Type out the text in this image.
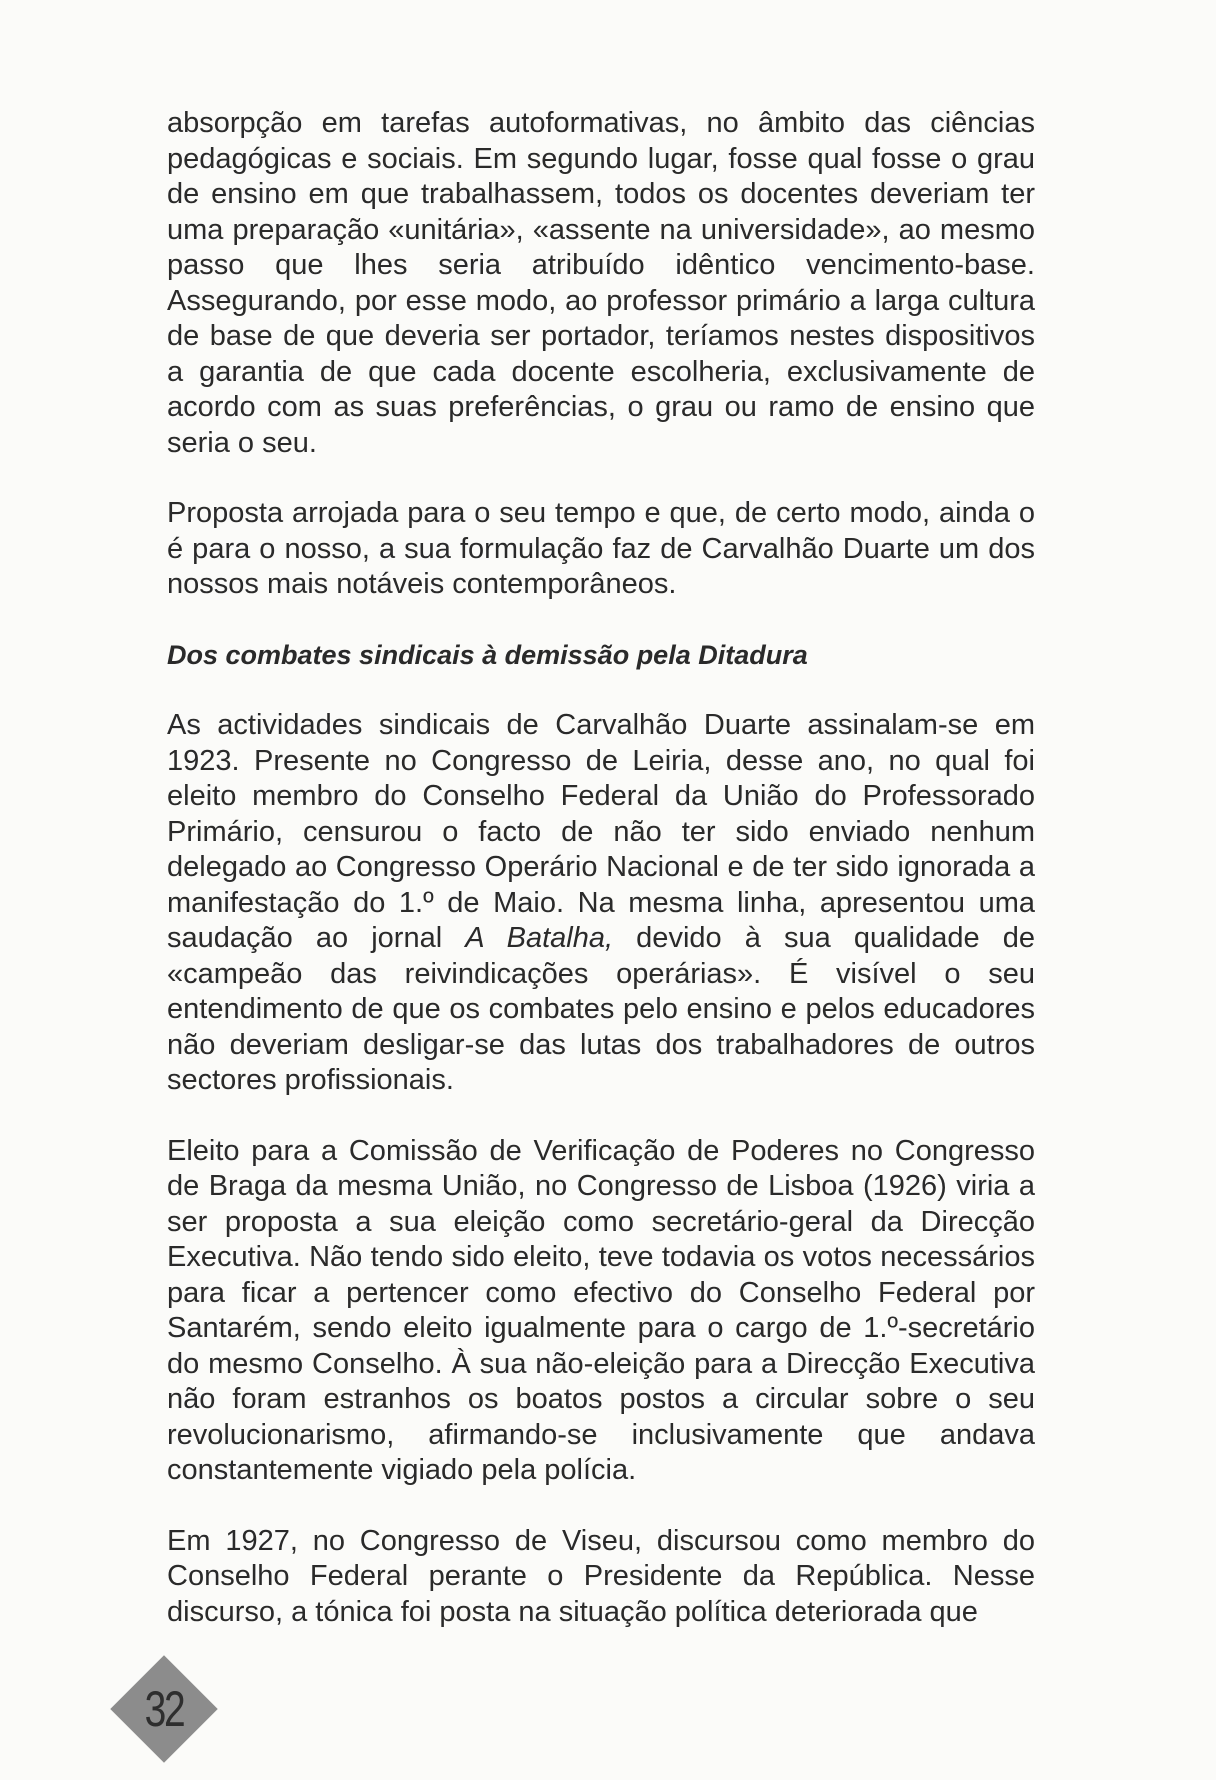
absorpção em tarefas autoformativas, no âmbito das ciências pedagógicas e sociais. Em segundo lugar, fosse qual fosse o grau de ensino em que trabalhassem, todos os docentes deveriam ter uma preparação «unitária», «assente na universidade», ao mesmo passo que lhes seria atribuído idêntico vencimento-base. Assegurando, por esse modo, ao professor primário a larga cultura de base de que deveria ser portador, teríamos nestes dispositivos a garantia de que cada docente escolheria, exclusivamente de acordo com as suas preferências, o grau ou ramo de ensino que seria o seu.

Proposta arrojada para o seu tempo e que, de certo modo, ainda o é para o nosso, a sua formulação faz de Carvalhão Duarte um dos nossos mais notáveis contemporâneos.

Dos combates sindicais à demissão pela Ditadura

As actividades sindicais de Carvalhão Duarte assinalam-se em 1923. Presente no Congresso de Leiria, desse ano, no qual foi eleito membro do Conselho Federal da União do Professorado Primário, censurou o facto de não ter sido enviado nenhum delegado ao Congresso Operário Nacional e de ter sido ignorada a manifestação do 1.º de Maio. Na mesma linha, apresentou uma saudação ao jornal A Batalha, devido à sua qualidade de «campeão das reivindicações operárias». É visível o seu entendimento de que os combates pelo ensino e pelos educadores não deveriam desligar-se das lutas dos trabalhadores de outros sectores profissionais.

Eleito para a Comissão de Verificação de Poderes no Congresso de Braga da mesma União, no Congresso de Lisboa (1926) viria a ser proposta a sua eleição como secretário-geral da Direcção Executiva. Não tendo sido eleito, teve todavia os votos necessários para ficar a pertencer como efectivo do Conselho Federal por Santarém, sendo eleito igualmente para o cargo de 1.º-secretário do mesmo Conselho. À sua não-eleição para a Direcção Executiva não foram estranhos os boatos postos a circular sobre o seu revolucionarismo, afirmando-se inclusivamente que andava constantemente vigiado pela polícia.

Em 1927, no Congresso de Viseu, discursou como membro do Conselho Federal perante o Presidente da República. Nesse discurso, a tónica foi posta na situação política deteriorada que

32
